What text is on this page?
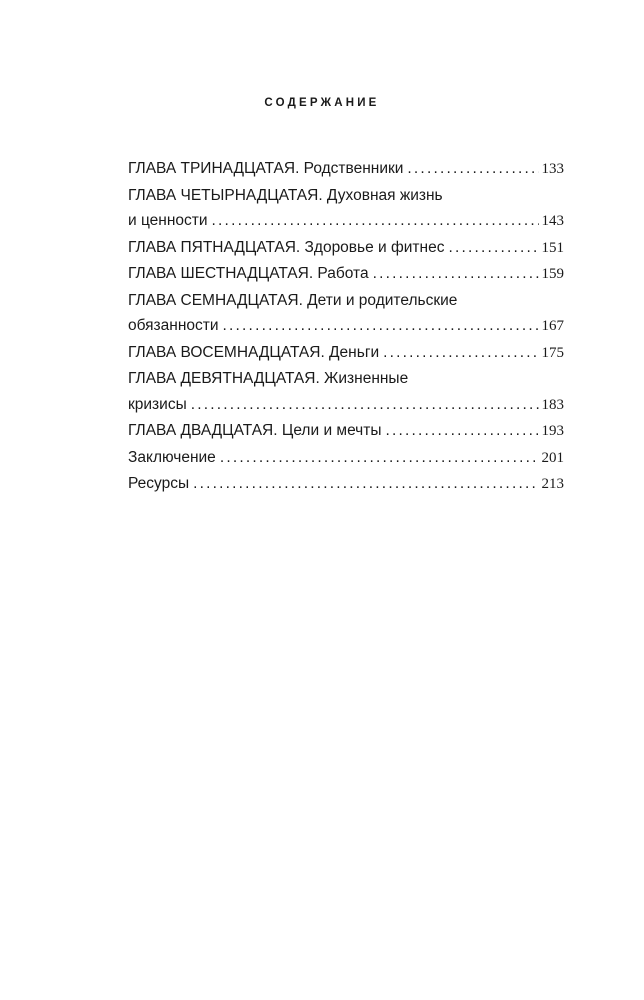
СОДЕРЖАНИЕ
ГЛАВА ТРИНАДЦАТАЯ. Родственники .....	133
ГЛАВА ЧЕТЫРНАДЦАТАЯ. Духовная жизнь
и ценности .....	143
ГЛАВА ПЯТНАДЦАТАЯ. Здоровье и фитнес .....	151
ГЛАВА ШЕСТНАДЦАТАЯ. Работа .....	159
ГЛАВА СЕМНАДЦАТАЯ. Дети и родительские
обязанности .....	167
ГЛАВА ВОСЕМНАДЦАТАЯ. Деньги .....	175
ГЛАВА ДЕВЯТНАДЦАТАЯ. Жизненные
кризисы .....	183
ГЛАВА ДВАДЦАТАЯ. Цели и мечты .....	193
Заключение .....	201
Ресурсы .....	213
